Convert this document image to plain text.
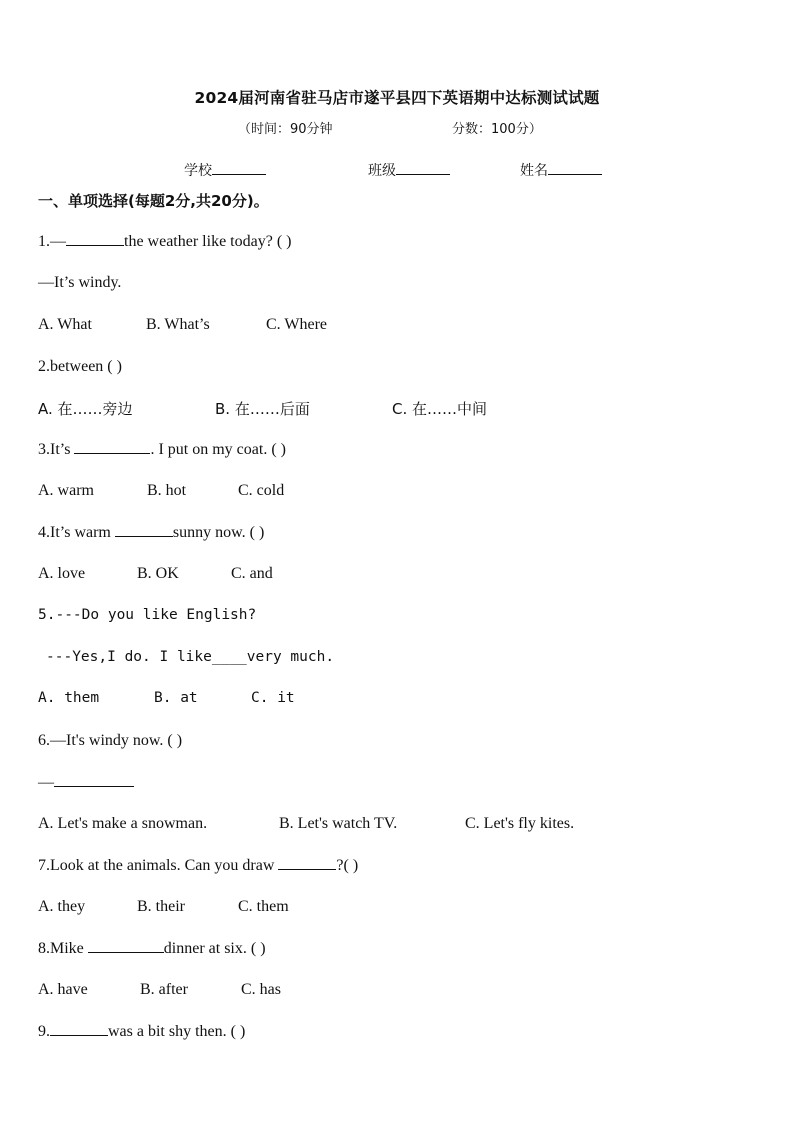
2024届河南省驻马店市遂平县四下英语期中达标测试试题
（时间：90分钟	分数：100分）
学校	班级	姓名
一、单项选择(每题2分,共20分)。
1.—	the weather like today? ( )
—It’s windy.
A. What	B. What’s	C. Where
2.between ( )
A. 在……旁边	B. 在……后面	C. 在……中间
3.It’s	. I put on my coat. ( )
A. warm	B. hot	C. cold
4.It’s warm	sunny now. ( )
A. love	B. OK	C. and
5.---Do you like English?
---Yes,I do. I like____very much.
A. them	B. at	C. it
6.—It's windy now. ( )
—
A. Let's make a snowman.	B. Let's watch TV.	C. Let's fly kites.
7.Look at the animals. Can you draw	?( )
A. they	B. their	C. them
8.Mike	dinner at six. ( )
A. have	B. after	C. has
9.	was a bit shy then. ( )
